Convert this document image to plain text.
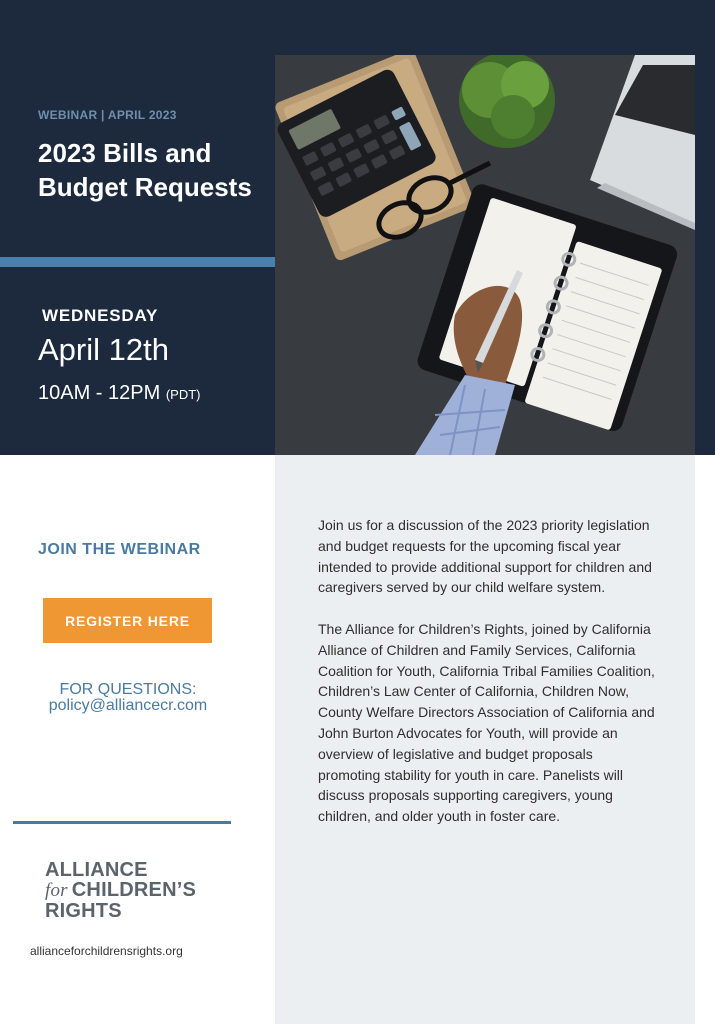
WEBINAR | APRIL 2023
2023 Bills and Budget Requests
WEDNESDAY
April 12th
10AM - 12PM (PDT)

Join us for a discussion of the 2023 priority legislation and budget requests for the upcoming fiscal year intended to provide additional support for children and caregivers served by our child welfare system.

The Alliance for Children’s Rights, joined by California Alliance of Children and Family Services, California Coalition for Youth, California Tribal Families Coalition, Children’s Law Center of California, Children Now, County Welfare Directors Association of California and John Burton Advocates for Youth, will provide an overview of legislative and budget proposals promoting stability for youth in care. Panelists will discuss proposals supporting caregivers, young children, and older youth in foster care.

JOIN THE WEBINAR
REGISTER HERE
FOR QUESTIONS:
policy@alliancecr.com
ALLIANCE
for CHILDREN’S
RIGHTS
allianceforchildrensrights.org
